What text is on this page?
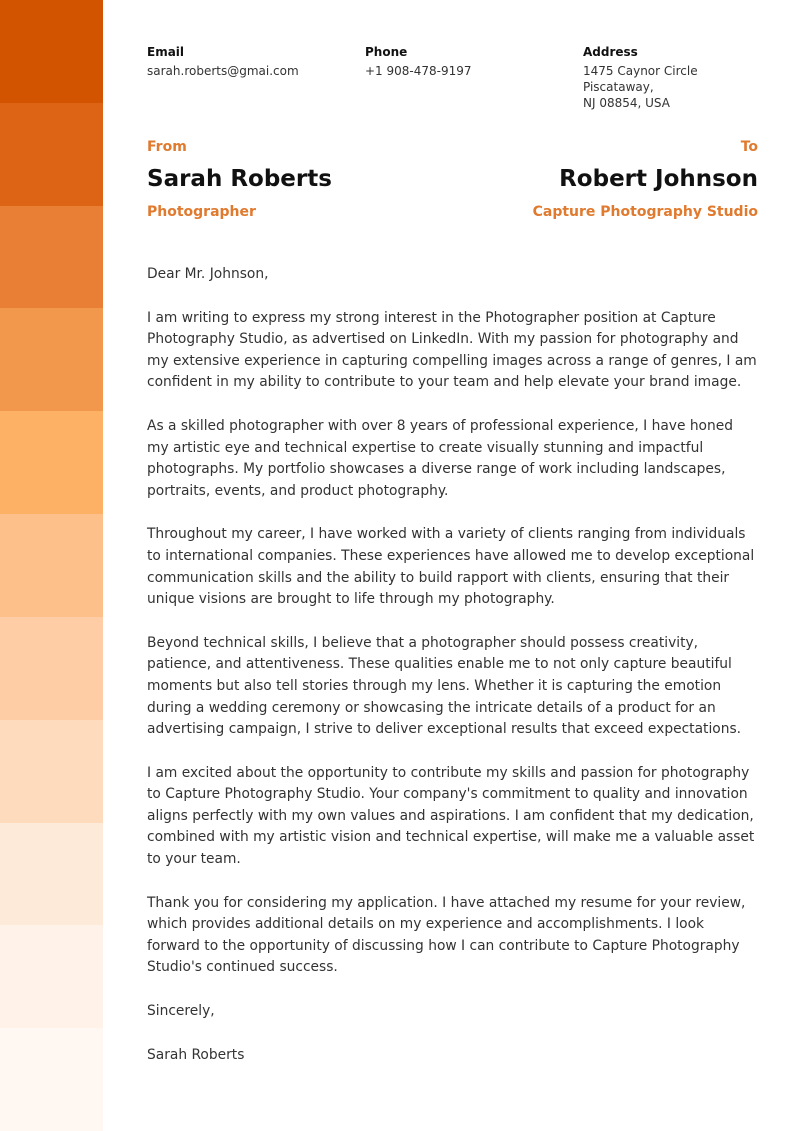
Email
sarah.roberts@gmai.com
Phone
+1 908-478-9197
Address
1475 Caynor Circle Piscataway,
NJ 08854, USA
From
Sarah Roberts
Photographer
To
Robert Johnson
Capture Photography Studio

Dear Mr. Johnson,

I am writing to express my strong interest in the Photographer position at Capture Photography Studio, as advertised on LinkedIn. With my passion for photography and my extensive experience in capturing compelling images across a range of genres, I am confident in my ability to contribute to your team and help elevate your brand image.

As a skilled photographer with over 8 years of professional experience, I have honed my artistic eye and technical expertise to create visually stunning and impactful photographs. My portfolio showcases a diverse range of work including landscapes, portraits, events, and product photography.

Throughout my career, I have worked with a variety of clients ranging from individuals to international companies. These experiences have allowed me to develop exceptional communication skills and the ability to build rapport with clients, ensuring that their unique visions are brought to life through my photography.

Beyond technical skills, I believe that a photographer should possess creativity, patience, and attentiveness. These qualities enable me to not only capture beautiful moments but also tell stories through my lens. Whether it is capturing the emotion during a wedding ceremony or showcasing the intricate details of a product for an advertising campaign, I strive to deliver exceptional results that exceed expectations.

I am excited about the opportunity to contribute my skills and passion for photography to Capture Photography Studio. Your company's commitment to quality and innovation aligns perfectly with my own values and aspirations. I am confident that my dedication, combined with my artistic vision and technical expertise, will make me a valuable asset to your team.

Thank you for considering my application. I have attached my resume for your review, which provides additional details on my experience and accomplishments. I look forward to the opportunity of discussing how I can contribute to Capture Photography Studio's continued success.

Sincerely,

Sarah Roberts
